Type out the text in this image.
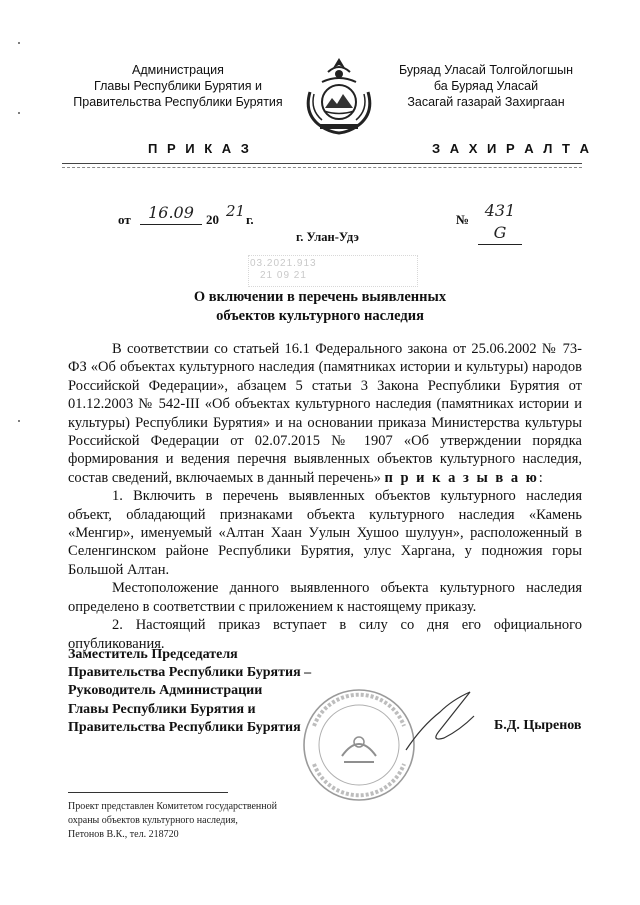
Администрация
Главы Республики Бурятия и
Правительства Республики Бурятия
Буряад Уласай Толгойлогшын
ба Буряад Уласай
Засагай газарай Захиргаан
П Р И К А З	З А Х И Р А Л Т А
от	16.09 20 21 г.	№ 431 G
г. Улан-Удэ
03.2021.913
21 09 21
О включении в перечень выявленных
объектов культурного наследия

В соответствии со статьей 16.1 Федерального закона от 25.06.2002 № 73-ФЗ «Об объектах культурного наследия (памятниках истории и культуры) народов Российской Федерации», абзацем 5 статьи 3 Закона Республики Бурятия от 01.12.2003 № 542-III «Об объектах культурного наследия (памятниках истории и культуры) Республики Бурятия» и на основании приказа Министерства культуры Российской Федерации от 02.07.2015 № 1907 «Об утверждении порядка формирования и ведения перечня выявленных объектов культурного наследия, состав сведений, включаемых в данный перечень» п р и к а з ы в а ю:

1. Включить в перечень выявленных объектов культурного наследия объект, обладающий признаками объекта культурного наследия «Камень «Менгир», именуемый «Алтан Хаан Уулын Хушоо шулуун», расположенный в Селенгинском районе Республики Бурятия, улус Харгана, у подножия горы Большой Алтан.

Местоположение данного выявленного объекта культурного наследия определено в соответствии с приложением к настоящему приказу.

2. Настоящий приказ вступает в силу со дня его официального опубликования.

Заместитель Председателя
Правительства Республики Бурятия –
Руководитель Администрации
Главы Республики Бурятия и
Правительства Республики Бурятия	Б.Д. Цыренов
Проект представлен Комитетом государственной
охраны объектов культурного наследия,
Петонов В.К., тел. 218720
